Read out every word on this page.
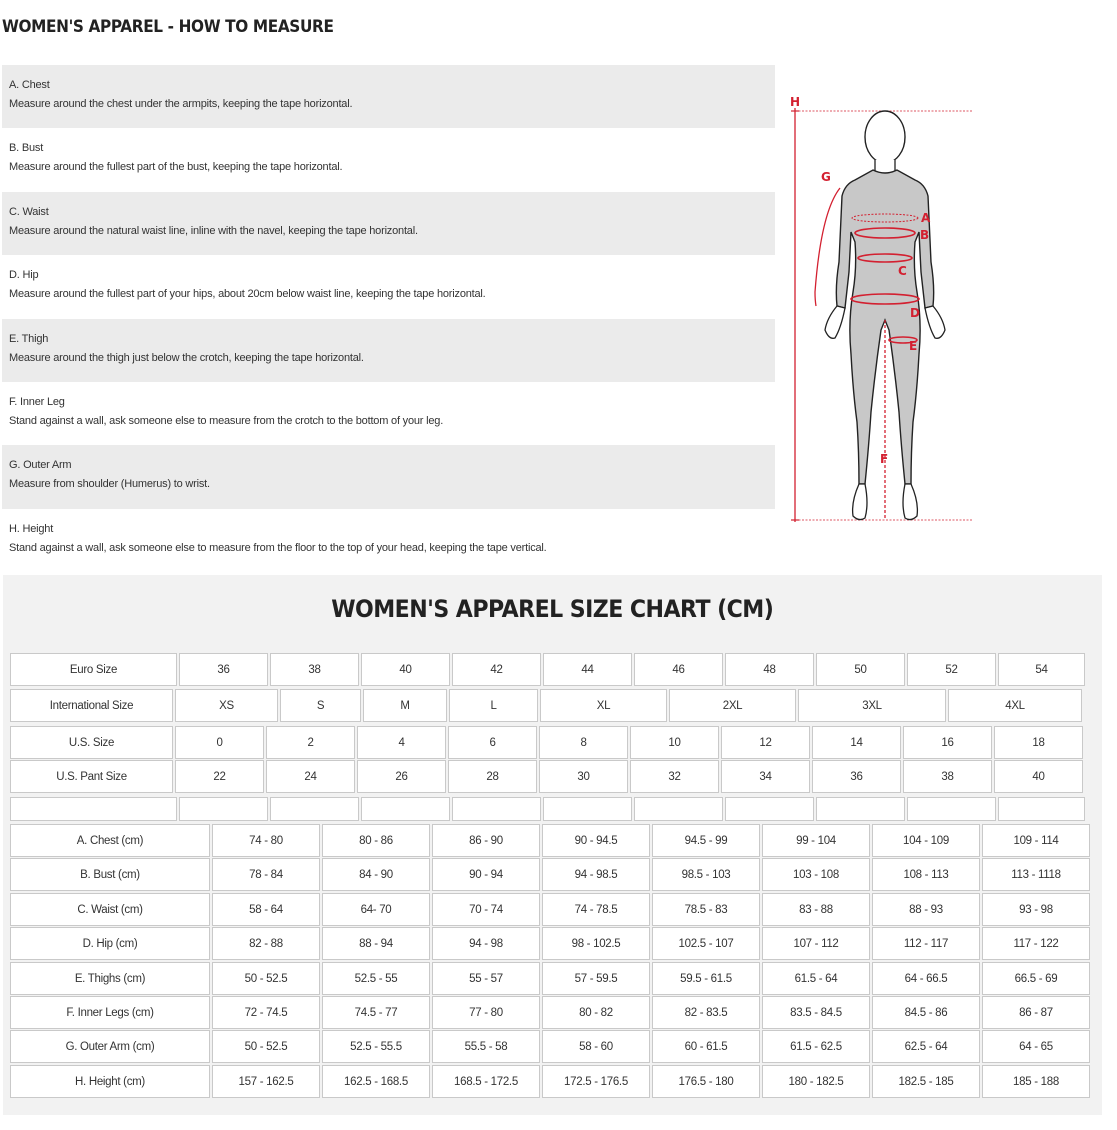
WOMEN'S APPAREL - HOW TO MEASURE
A. Chest
Measure around the chest under the armpits, keeping the tape horizontal.
B. Bust
Measure around the fullest part of the bust, keeping the tape horizontal.
C. Waist
Measure around the natural waist line, inline with the navel, keeping the tape horizontal.
D. Hip
Measure around the fullest part of your hips, about 20cm below waist line, keeping the tape horizontal.
E. Thigh
Measure around the thigh just below the crotch, keeping the tape horizontal.
F. Inner Leg
Stand against a wall, ask someone else to measure from the crotch to the bottom of your leg.
G. Outer Arm
Measure from shoulder (Humerus) to wrist.
H. Height
Stand against a wall, ask someone else to measure from the floor to the top of your head, keeping the tape vertical.
A
B
C
D
E
F
G
H
WOMEN'S APPAREL SIZE CHART (CM)
Euro Size	36	38	40	42	44	46	48	50	52	54
International Size	XS	S	M	L	XL	2XL	3XL	4XL
U.S. Size	0	2	4	6	8	10	12	14	16	18
U.S. Pant Size	22	24	26	28	30	32	34	36	38	40
A. Chest (cm)	74 - 80	80 - 86	86 - 90	90 - 94.5	94.5 - 99	99 - 104	104 - 109	109 - 114
B. Bust (cm)	78 - 84	84 - 90	90 - 94	94 - 98.5	98.5 - 103	103 - 108	108 - 113	113 - 1118
C. Waist (cm)	58 - 64	64- 70	70 - 74	74 - 78.5	78.5 - 83	83 - 88	88 - 93	93 - 98
D. Hip (cm)	82 - 88	88 - 94	94 - 98	98 - 102.5	102.5 - 107	107 - 112	112 - 117	117 - 122
E. Thighs (cm)	50 - 52.5	52.5 - 55	55 - 57	57 - 59.5	59.5 - 61.5	61.5 - 64	64 - 66.5	66.5 - 69
F. Inner Legs (cm)	72 - 74.5	74.5 - 77	77 - 80	80 - 82	82 - 83.5	83.5 - 84.5	84.5 - 86	86 - 87
G. Outer Arm (cm)	50 - 52.5	52.5 - 55.5	55.5 - 58	58 - 60	60 - 61.5	61.5 - 62.5	62.5 - 64	64 - 65
H. Height (cm)	157 - 162.5	162.5 - 168.5	168.5 - 172.5	172.5 - 176.5	176.5 - 180	180 - 182.5	182.5 - 185	185 - 188
